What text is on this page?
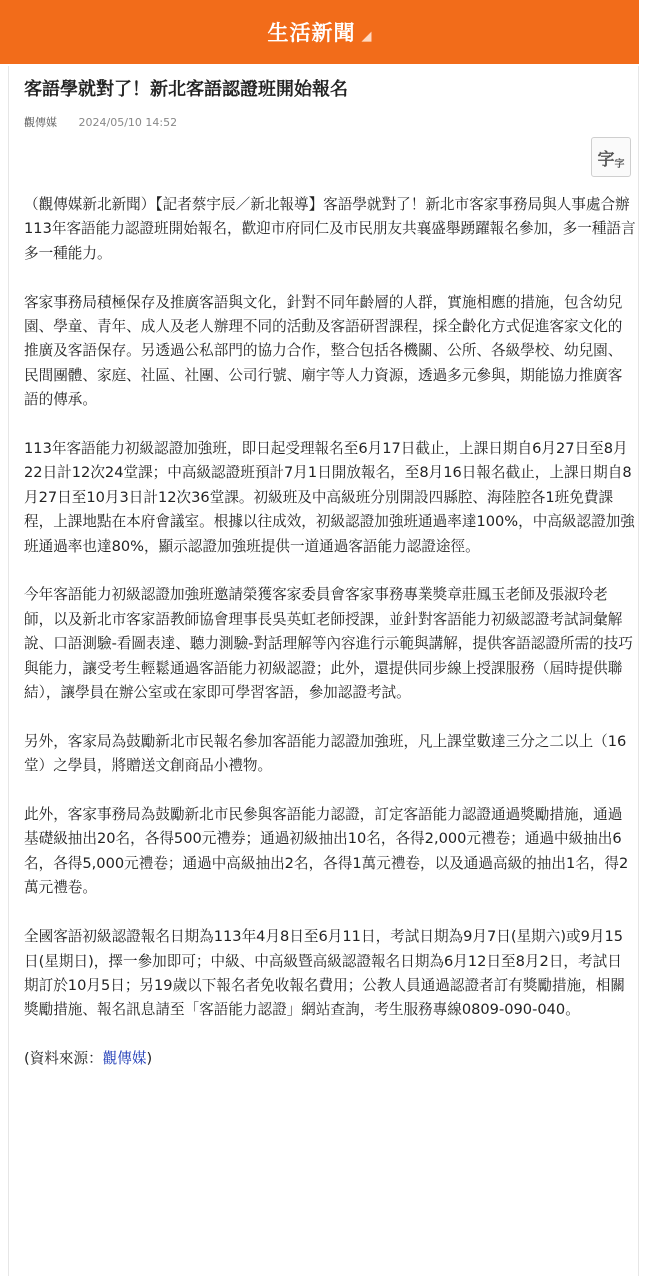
生活新聞 ◢
客語學就對了！新北客語認證班開始報名
觀傳媒 2024/05/10 14:52
字 字

（觀傳媒新北新聞）【記者蔡宇辰／新北報導】客語學就對了！新北市客家事務局與人事處合辦113年客語能力認證班開始報名，歡迎市府同仁及市民朋友共襄盛舉踴躍報名參加，多一種語言多一種能力。

客家事務局積極保存及推廣客語與文化，針對不同年齡層的人群，實施相應的措施，包含幼兒園、學童、青年、成人及老人辦理不同的活動及客語研習課程，採全齡化方式促進客家文化的推廣及客語保存。另透過公私部門的協力合作，整合包括各機關、公所、各級學校、幼兒園、民間團體、家庭、社區、社團、公司行號、廟宇等人力資源，透過多元參與，期能協力推廣客語的傳承。

113年客語能力初級認證加強班，即日起受理報名至6月17日截止，上課日期自6月27日至8月22日計12次24堂課；中高級認證班預計7月1日開放報名，至8月16日報名截止，上課日期自8月27日至10月3日計12次36堂課。初級班及中高級班分別開設四縣腔、海陸腔各1班免費課程，上課地點在本府會議室。根據以往成效，初級認證加強班通過率達100%，中高級認證加強班通過率也達80%，顯示認證加強班提供一道通過客語能力認證途徑。

今年客語能力初級認證加強班邀請榮獲客家委員會客家事務專業獎章莊鳳玉老師及張淑玲老師，以及新北市客家語教師協會理事長吳英虹老師授課，並針對客語能力初級認證考試詞彙解說、口語測驗-看圖表達、聽力測驗-對話理解等內容進行示範與講解，提供客語認證所需的技巧與能力，讓受考生輕鬆通過客語能力初級認證；此外，還提供同步線上授課服務（屆時提供聯結），讓學員在辦公室或在家即可學習客語，參加認證考試。

另外，客家局為鼓勵新北市民報名參加客語能力認證加強班，凡上課堂數達三分之二以上（16堂）之學員，將贈送文創商品小禮物。

此外，客家事務局為鼓勵新北市民參與客語能力認證，訂定客語能力認證通過獎勵措施，通過基礎級抽出20名，各得500元禮券；通過初級抽出10名，各得2,000元禮卷；通過中級抽出6名，各得5,000元禮卷；通過中高級抽出2名，各得1萬元禮卷，以及通過高級的抽出1名，得2萬元禮卷。

全國客語初級認證報名日期為113年4月8日至6月11日，考試日期為9月7日(星期六)或9月15日(星期日)，擇一參加即可；中級、中高級暨高級認證報名日期為6月12日至8月2日，考試日期訂於10月5日；另19歲以下報名者免收報名費用；公教人員通過認證者訂有獎勵措施，相關獎勵措施、報名訊息請至「客語能力認證」網站查詢，考生服務專線0809-090-040。

(資料來源：觀傳媒)
